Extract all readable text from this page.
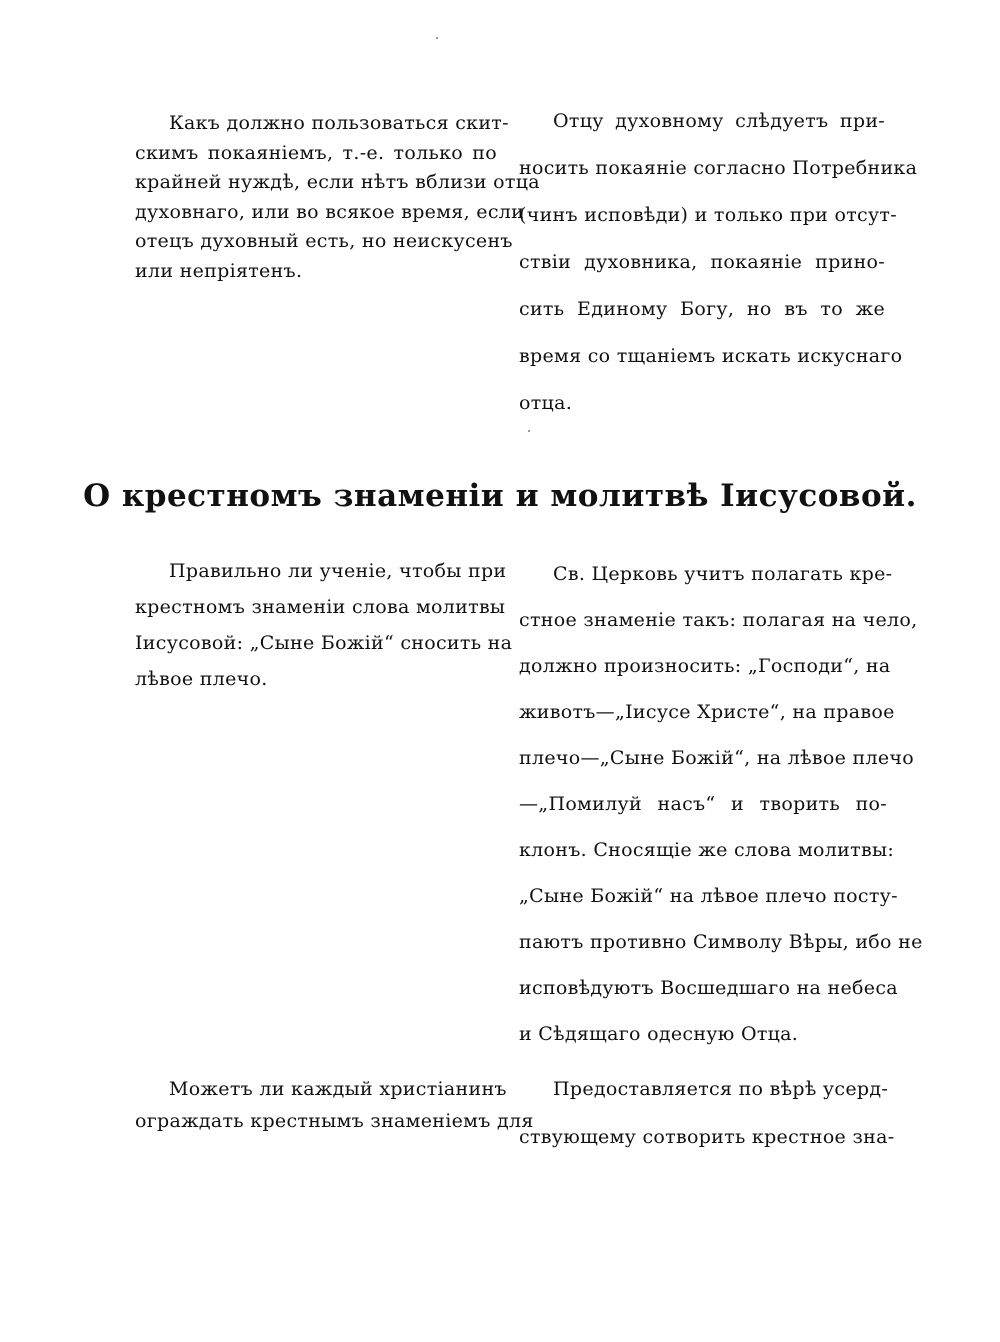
Какъ должно пользоваться скит-
скимъ покаяніемъ, т.-е. только по
крайней нуждѣ, если нѣтъ вблизи отца
духовнаго, или во всякое время, если
отецъ духовный есть, но неискусенъ
или непріятенъ.
Отцу духовному слѣдуетъ при-
носить покаяніе согласно Потребника
(чинъ исповѣди) и только при отсут-
ствіи духовника, покаяніе прино-
сить Единому Богу, но въ то же
время со тщаніемъ искать искуснаго
отца.
О крестномъ знаменіи и молитвѣ Іисусовой.
Правильно ли ученіе, чтобы при
крестномъ знаменіи слова молитвы
Іисусовой: „Сыне Божій“ сносить на
лѣвое плечо.
Св. Церковь учитъ полагать кре-
стное знаменіе такъ: полагая на чело,
должно произносить: „Господи“, на
животъ—„Іисусе Христе“, на правое
плечо—„Сыне Божій“, на лѣвое плечо
—„Помилуй насъ“ и творить по-
клонъ. Сносящіе же слова молитвы:
„Сыне Божій“ на лѣвое плечо посту-
паютъ противно Символу Вѣры, ибо не
исповѣдуютъ Восшедшаго на небеса
и Сѣдящаго одесную Отца.
Можетъ ли каждый христіанинъ
ограждать крестнымъ знаменіемъ для
Предоставляется по вѣрѣ усерд-
ствующему сотворить крестное зна-
